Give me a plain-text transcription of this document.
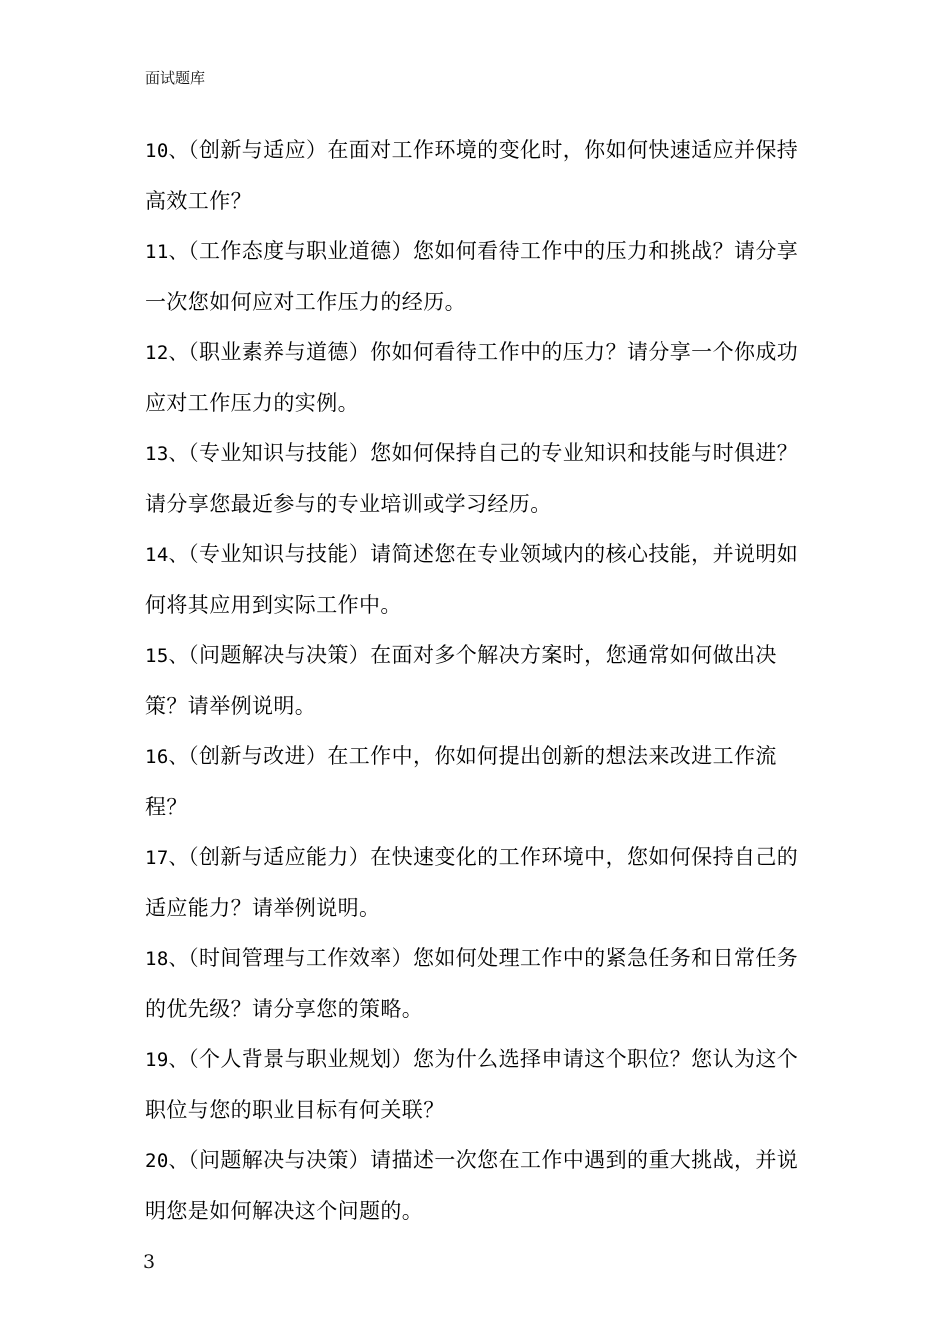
面试题库
10、（创新与适应）在面对工作环境的变化时，你如何快速适应并保持高效工作？
11、（工作态度与职业道德）您如何看待工作中的压力和挑战？请分享一次您如何应对工作压力的经历。
12、（职业素养与道德）你如何看待工作中的压力？请分享一个你成功应对工作压力的实例。
13、（专业知识与技能）您如何保持自己的专业知识和技能与时俱进？请分享您最近参与的专业培训或学习经历。
14、（专业知识与技能）请简述您在专业领域内的核心技能，并说明如何将其应用到实际工作中。
15、（问题解决与决策）在面对多个解决方案时，您通常如何做出决策？请举例说明。
16、（创新与改进）在工作中，你如何提出创新的想法来改进工作流程？
17、（创新与适应能力）在快速变化的工作环境中，您如何保持自己的适应能力？请举例说明。
18、（时间管理与工作效率）您如何处理工作中的紧急任务和日常任务的优先级？请分享您的策略。
19、（个人背景与职业规划）您为什么选择申请这个职位？您认为这个职位与您的职业目标有何关联？
20、（问题解决与决策）请描述一次您在工作中遇到的重大挑战，并说明您是如何解决这个问题的。
3
